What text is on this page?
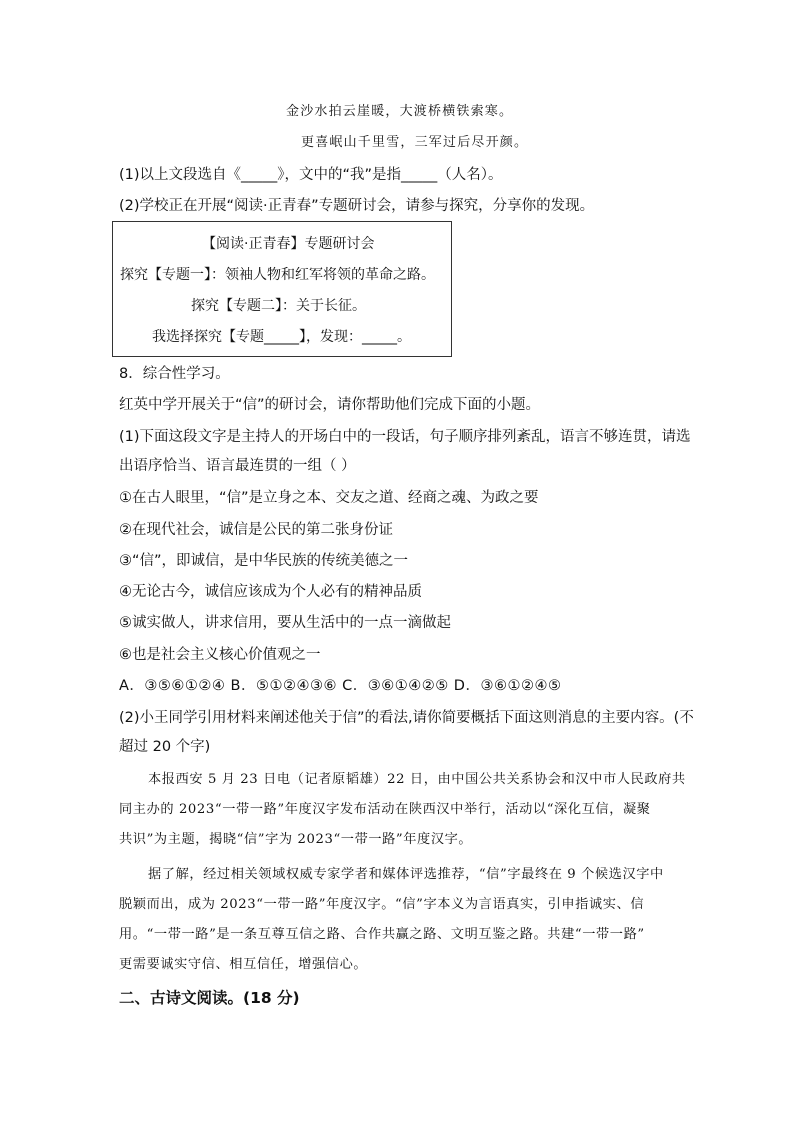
金沙水拍云崖暖，大渡桥横铁索寒。
更喜岷山千里雪，三军过后尽开颜。
(1)以上文段选自《_____》，文中的“我”是指_____（人名）。
(2)学校正在开展“阅读·正青春”专题研讨会，请参与探究，分享你的发现。
【阅读·正青春】专题研讨会
探究【专题一】：领袖人物和红军将领的革命之路。
探究【专题二】：关于长征。
我选择探究【专题_____】，发现：_____。
8．综合性学习。
红英中学开展关于“信”的研讨会，请你帮助他们完成下面的小题。
(1)下面这段文字是主持人的开场白中的一段话，句子顺序排列紊乱，语言不够连贯，请选
出语序恰当、语言最连贯的一组（ ）
①在古人眼里，“信”是立身之本、交友之道、经商之魂、为政之要
②在现代社会，诚信是公民的第二张身份证
③“信”，即诚信，是中华民族的传统美德之一
④无论古今，诚信应该成为个人必有的精神品质
⑤诚实做人，讲求信用，要从生活中的一点一滴做起
⑥也是社会主义核心价值观之一
A．③⑤⑥①②④ B．⑤①②④③⑥ C．③⑥①④②⑤ D．③⑥①②④⑤
(2)小王同学引用材料来阐述他关于信”的看法,请你简要概括下面这则消息的主要内容。(不
超过 20 个字)
本报西安 5 月 23 日电（记者原韬雄）22 日，由中国公共关系协会和汉中市人民政府共
同主办的 2023“一带一路”年度汉字发布活动在陕西汉中举行，活动以“深化互信，凝聚
共识”为主题，揭晓“信”字为 2023“一带一路”年度汉字。
据了解，经过相关领域权威专家学者和媒体评选推荐，“信”字最终在 9 个候选汉字中
脱颖而出，成为 2023“一带一路”年度汉字。“信”字本义为言语真实，引申指诚实、信
用。“一带一路”是一条互尊互信之路、合作共赢之路、文明互鉴之路。共建“一带一路”
更需要诚实守信、相互信任，增强信心。
二、古诗文阅读。(18 分)
